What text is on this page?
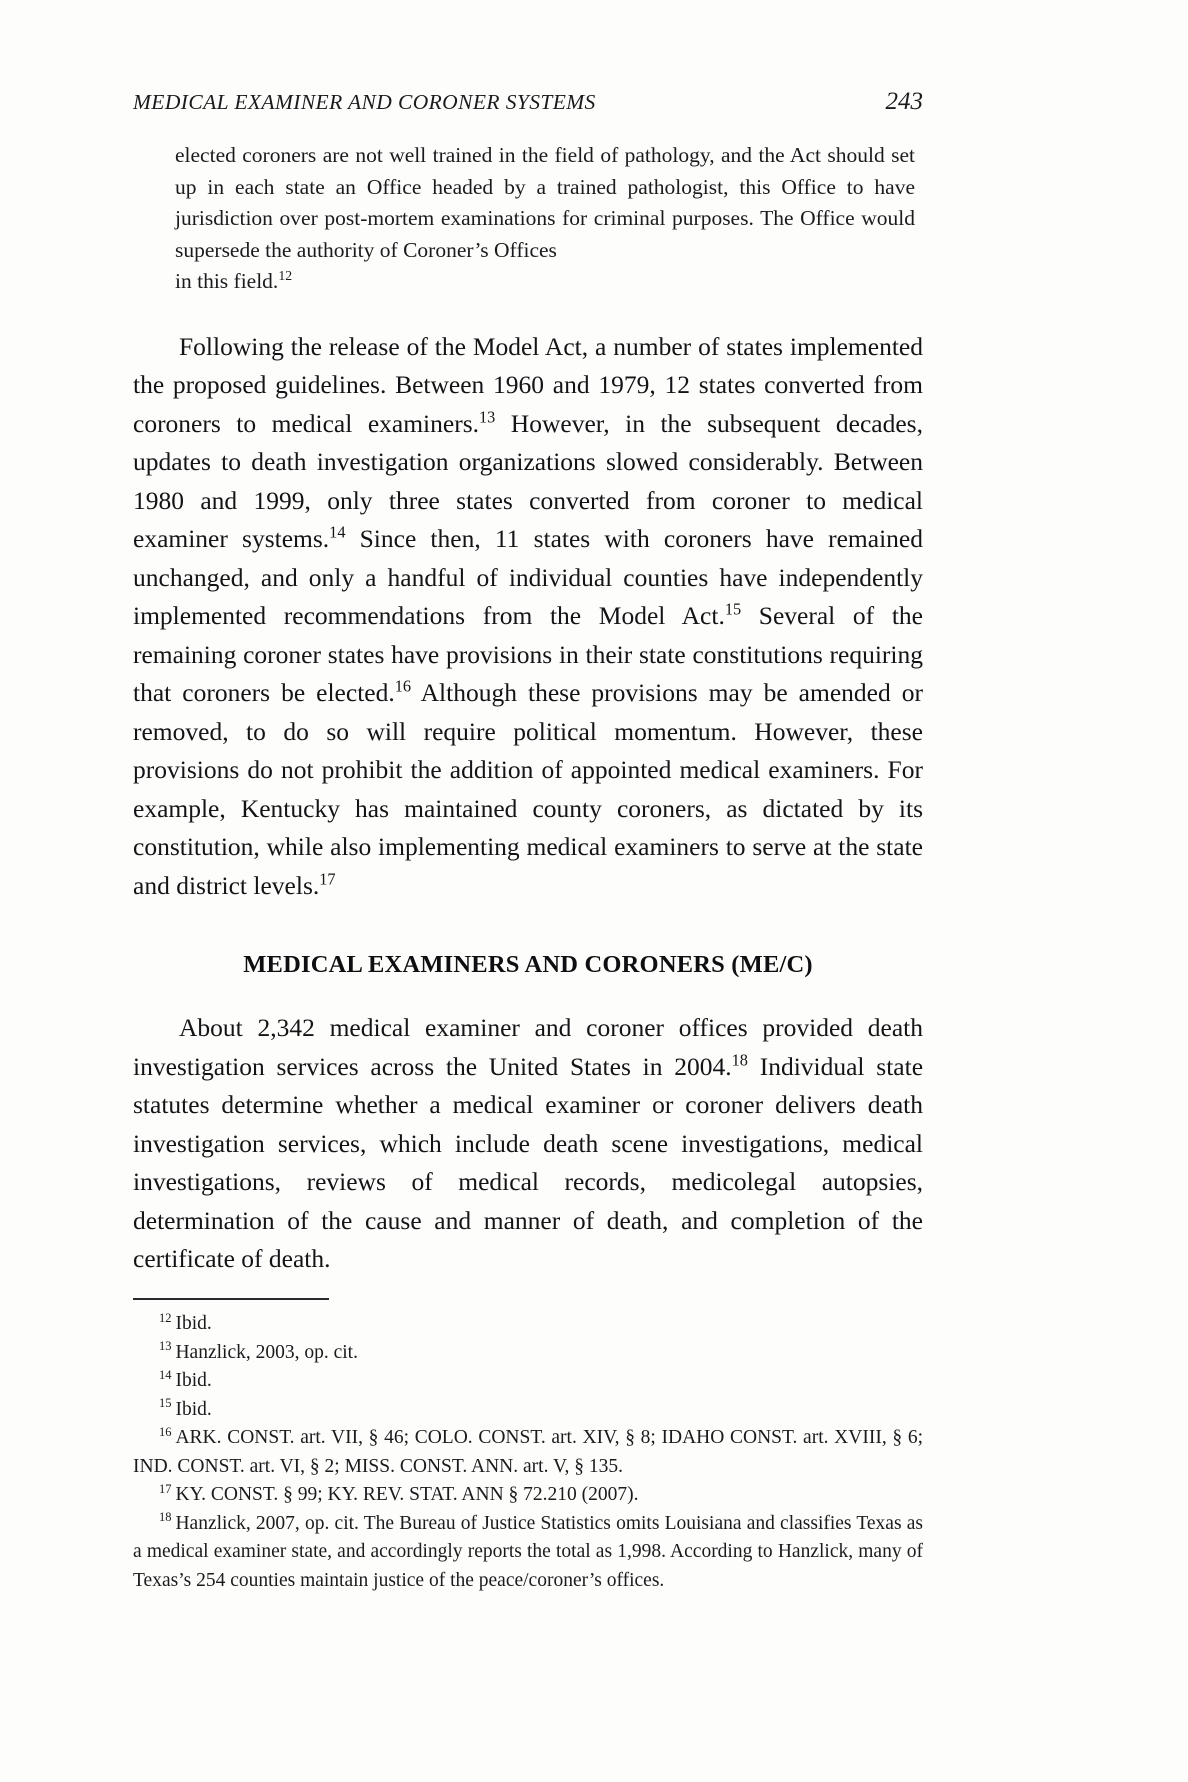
MEDICAL EXAMINER AND CORONER SYSTEMS	243

elected coroners are not well trained in the field of pathology, and the Act should set up in each state an Office headed by a trained pathologist, this Office to have jurisdiction over post-mortem examinations for criminal purposes. The Office would supersede the authority of Coroner’s Offices

in this field.$^{12}$

Following the release of the Model Act, a number of states implemented the proposed guidelines. Between 1960 and 1979, 12 states converted from coroners to medical examiners.$^{13}$ However, in the subsequent decades, updates to death investigation organizations slowed considerably. Between 1980 and 1999, only three states converted from coroner to medical examiner systems.$^{14}$ Since then, 11 states with coroners have remained unchanged, and only a handful of individual counties have independently implemented recommendations from the Model Act.$^{15}$ Several of the remaining coroner states have provisions in their state constitutions requiring that coroners be elected.$^{16}$ Although these provisions may be amended or removed, to do so will require political momentum. However, these provisions do not prohibit the addition of appointed medical examiners. For example, Kentucky has maintained county coroners, as dictated by its constitution, while also implementing medical examiners to serve at the state and district levels.$^{17}$

MEDICAL EXAMINERS AND CORONERS (ME/C)

About 2,342 medical examiner and coroner offices provided death investigation services across the United States in 2004.18 Individual state statutes determine whether a medical examiner or coroner delivers death investigation services, which include death scene investigations, medical investigations, reviews of medical records, medicolegal autopsies, determination of the cause and manner of death, and completion of the certificate of death.

$^{12}$ Ibid.

$^{13}$ Hanzlick, 2003, op. cit.

$^{14}$ Ibid.

$^{15}$ Ibid.

$^{16}$ ARK. CONST. art. VII, § 46; COLO. CONST. art. XIV, § 8; IDAHO CONST. art. XVIII, § 6; IND. CONST. art. VI, § 2; MISS. CONST. ANN. art. V, § 135.

$^{17}$ KY. CONST. § 99; KY. REV. STAT. ANN § 72.210 (2007).

$^{18}$ Hanzlick, 2007, op. cit. The Bureau of Justice Statistics omits Louisiana and classifies Texas as a medical examiner state, and accordingly reports the total as 1,998. According to Hanzlick, many of Texas’s 254 counties maintain justice of the peace/coroner’s offices.
